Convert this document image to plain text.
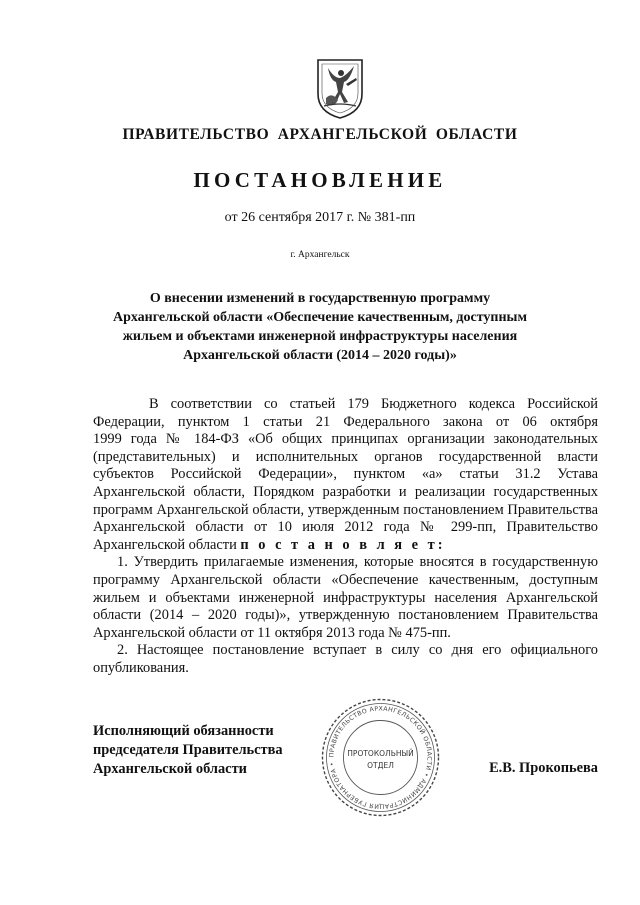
ПРАВИТЕЛЬСТВО АРХАНГЕЛЬСКОЙ ОБЛАСТИ
ПОСТАНОВЛЕНИЕ
от 26 сентября 2017 г. № 381-пп
г. Архангельск
О внесении изменений в государственную программу
Архангельской области «Обеспечение качественным, доступным
жильем и объектами инженерной инфраструктуры населения
Архангельской области (2014 – 2020 годы)»
В соответствии со статьей 179 Бюджетного кодекса Российской
Федерации, пунктом 1 статьи 21 Федерального закона от 06 октября
1999 года № 184-ФЗ «Об общих принципах организации законодательных
(представительных) и исполнительных органов государственной власти
субъектов Российской Федерации», пунктом «а» статьи 31.2 Устава
Архангельской области, Порядком разработки и реализации государственных
программ Архангельской области, утвержденным постановлением Правительства
Архангельской области от 10 июля 2012 года № 299-пп, Правительство
Архангельской области п о с т а н о в л я е т:
1. Утвердить прилагаемые изменения, которые вносятся в государственную
программу Архангельской области «Обеспечение качественным, доступным
жильем и объектами инженерной инфраструктуры населения Архангельской
области (2014 – 2020 годы)», утвержденную постановлением Правительства
Архангельской области от 11 октября 2013 года № 475-пп.
2. Настоящее постановление вступает в силу со дня его официального
опубликования.
Исполняющий обязанности
председателя Правительства
Архангельской области	Е.В. Прокопьева
ПРАВИТЕЛЬСТВО АРХАНГЕЛЬСКОЙ ОБЛАСТИ • АДМИНИСТРАЦИЯ ГУБЕРНАТОРА •
ПРОТОКОЛЬНЫЙ
ОТДЕЛ
